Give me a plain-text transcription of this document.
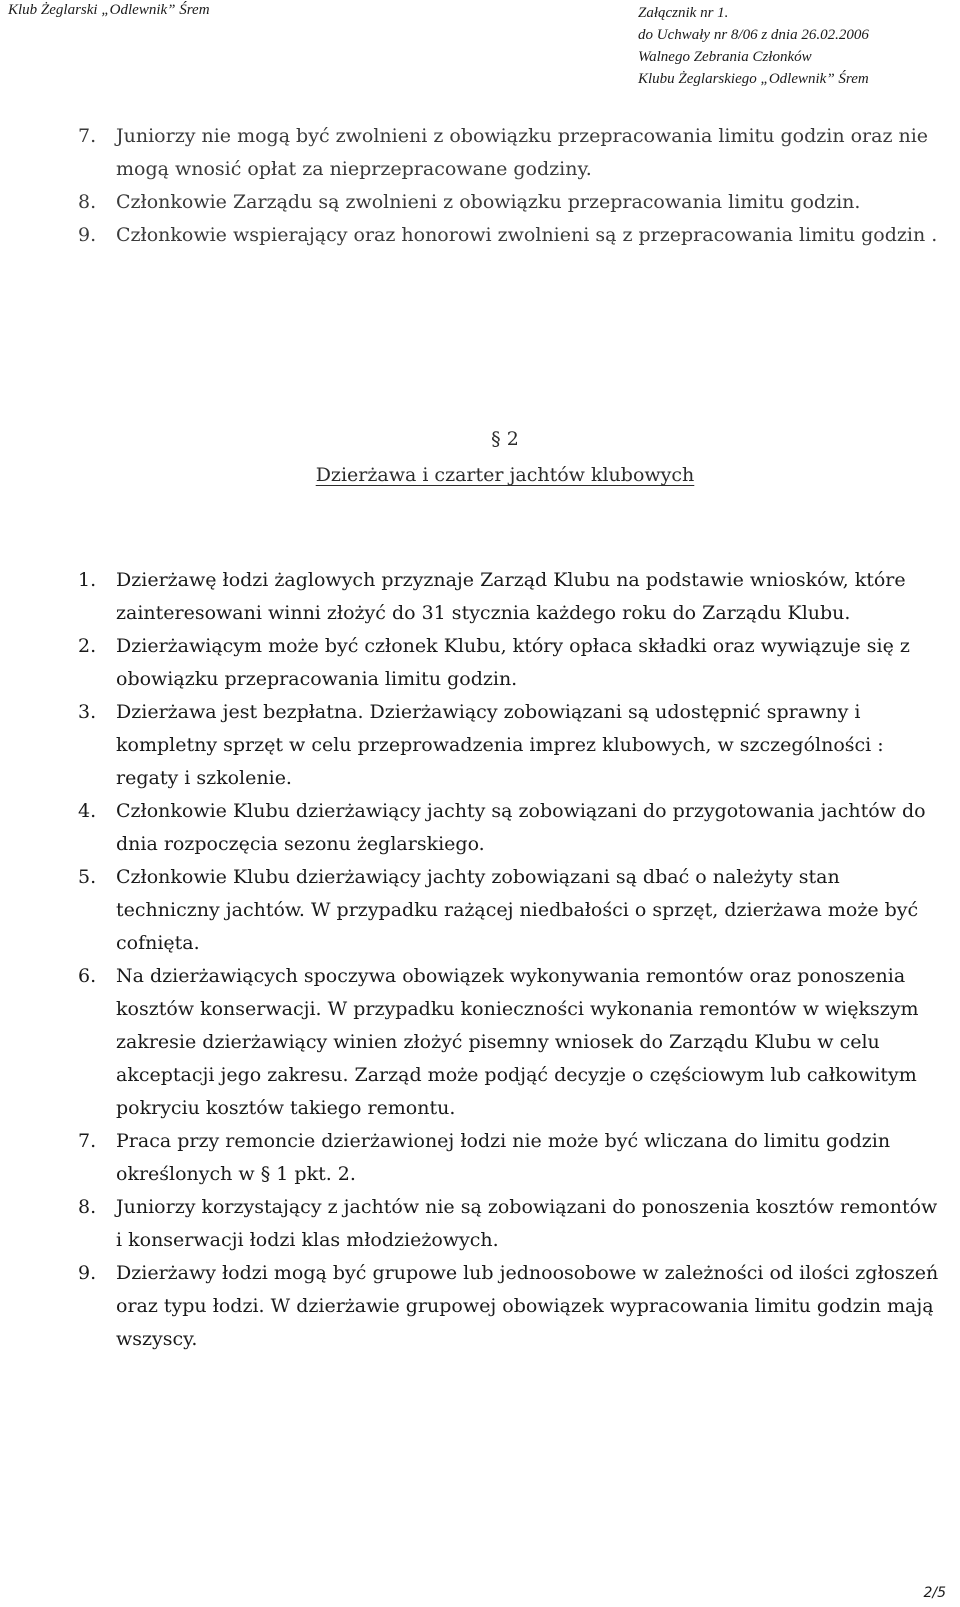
Klub Żeglarski „Odlewnik” Śrem	Załącznik nr 1.
do Uchwały nr 8/06 z dnia 26.02.2006
Walnego Zebrania Członków
Klubu Żeglarskiego „Odlewnik” Śrem
7. Juniorzy nie mogą być zwolnieni z obowiązku przepracowania limitu godzin oraz nie mogą wnosić opłat za nieprzepracowane godziny.
8. Członkowie Zarządu są zwolnieni z obowiązku przepracowania limitu godzin.
9. Członkowie wspierający oraz honorowi zwolnieni są z przepracowania limitu godzin .
§ 2
Dzierżawa i czarter jachtów klubowych
1. Dzierżawę łodzi żaglowych przyznaje Zarząd Klubu na podstawie wniosków, które zainteresowani winni złożyć do 31 stycznia każdego roku do Zarządu Klubu.
2. Dzierżawiącym może być członek Klubu, który opłaca składki oraz wywiązuje się z obowiązku przepracowania limitu godzin.
3. Dzierżawa jest bezpłatna. Dzierżawiący zobowiązani są udostępnić sprawny i kompletny sprzęt w celu przeprowadzenia imprez klubowych, w szczególności : regaty i szkolenie.
4. Członkowie Klubu dzierżawiący jachty są zobowiązani do przygotowania jachtów do dnia rozpoczęcia sezonu żeglarskiego.
5. Członkowie Klubu dzierżawiący jachty zobowiązani są dbać o należyty stan techniczny jachtów. W przypadku rażącej niedbałości o sprzęt, dzierżawa może być cofnięta.
6. Na dzierżawiących spoczywa obowiązek wykonywania remontów oraz ponoszenia kosztów konserwacji. W przypadku konieczności wykonania remontów w większym zakresie dzierżawiący winien złożyć pisemny wniosek do Zarządu Klubu w celu akceptacji jego zakresu. Zarząd może podjąć decyzje o częściowym lub całkowitym pokryciu kosztów takiego remontu.
7. Praca przy remoncie dzierżawionej łodzi nie może być wliczana do limitu godzin określonych w § 1 pkt. 2.
8. Juniorzy korzystający z jachtów nie są zobowiązani do ponoszenia kosztów remontów i konserwacji łodzi klas młodzieżowych.
9. Dzierżawy łodzi mogą być grupowe lub jednoosobowe w zależności od ilości zgłoszeń oraz typu łodzi. W dzierżawie grupowej obowiązek wypracowania limitu godzin mają wszyscy.
2/5
